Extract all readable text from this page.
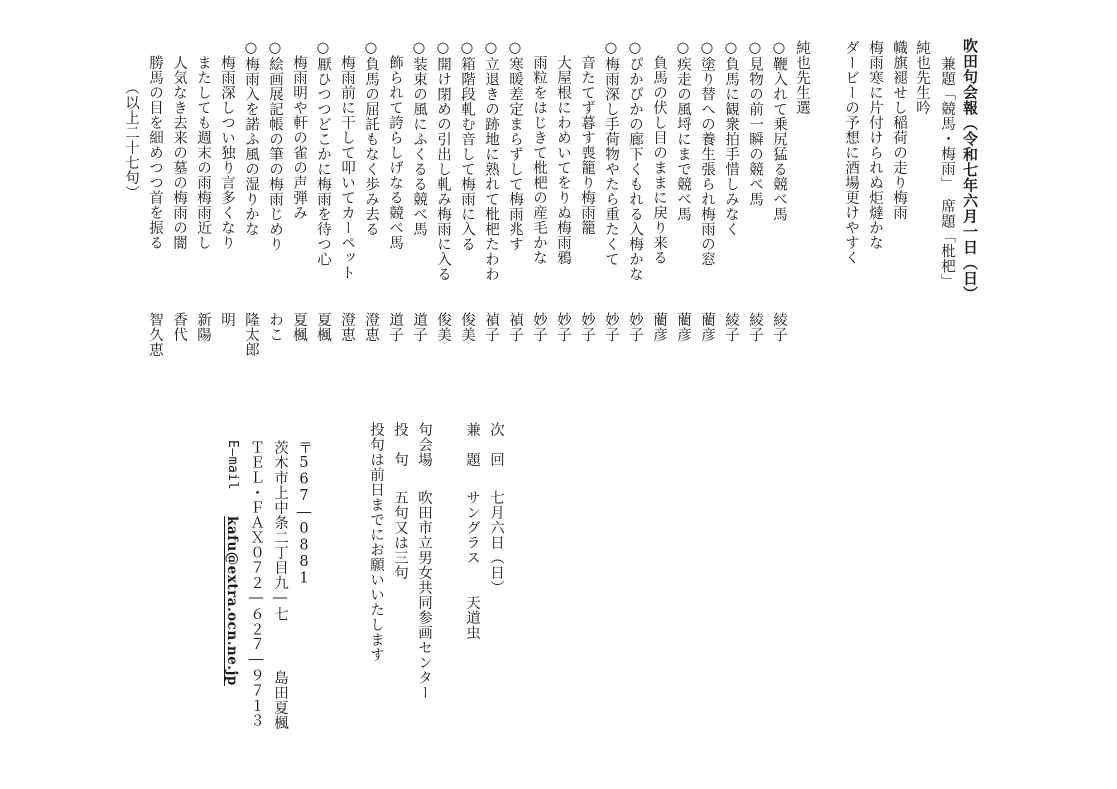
吹田句会報（令和七年六月一日（日）
兼題「競馬・梅雨」　席題「枇杷」
純也先生吟
幟旗褪せし稲荷の走り梅雨
梅雨寒に片付けられぬ炬燵かな
ダービーの予想に酒場更けやすく
純也先生選
○鞭入れて乗尻猛る競べ馬
綾子
○見物の前一瞬の競べ馬
綾子
○負馬に観衆拍手惜しみなく
綾子
○塗り替への養生張られ梅雨の窓
藺彦
○疾走の風埒にまで競べ馬
藺彦
　負馬の伏し目のままに戻り来る
藺彦
○ぴかぴかの廊下くもれる入梅かな
妙子
○梅雨深し手荷物やたら重たくて
妙子
　音たてず暮す喪籠り梅雨籠
妙子
　大屋根にわめいてをりぬ梅雨鴉
妙子
　雨粒をはじきて枇杷の産毛かな
妙子
○寒暖差定まらずして梅雨兆す
禎子
○立退きの跡地に熟れて枇杷たわわ
禎子
○箱階段軋む音して梅雨に入る
俊美
○開け閉めの引出し軋み梅雨に入る
俊美
○装束の風にふくるる競べ馬
道子
　飾られて誇らしげなる競べ馬
道子
○負馬の屈託もなく歩み去る
澄恵
　梅雨前に干して叩いてカーペット
澄恵
○厭ひつつどこかに梅雨を待つ心
夏楓
　梅雨明や軒の雀の声弾み
夏楓
○絵画展記帳の筆の梅雨じめり
わこ
○梅雨入を諾ふ風の湿りかな
隆太郎
　梅雨深しつい独り言多くなり
明
　またしても週末の雨梅雨近し
新陽
　人気なき去来の墓の梅雨の闇
香代
　勝馬の目を細めつつ首を振る
智久恵
（以上二十七句）
次　回
七月六日（日）
兼　題
サングラス　　天道虫
句会場
吹田市立男女共同参画センター
投　句
五句又は三句
投句は前日までにお願いいたします
〒567―0881
茨木市上中条二丁目九―七
島田夏楓
ＴＥＬ・ＦＡＸ０７２―６２７―９７１３
E―mail
kafu@extra.ocn.ne.jp
